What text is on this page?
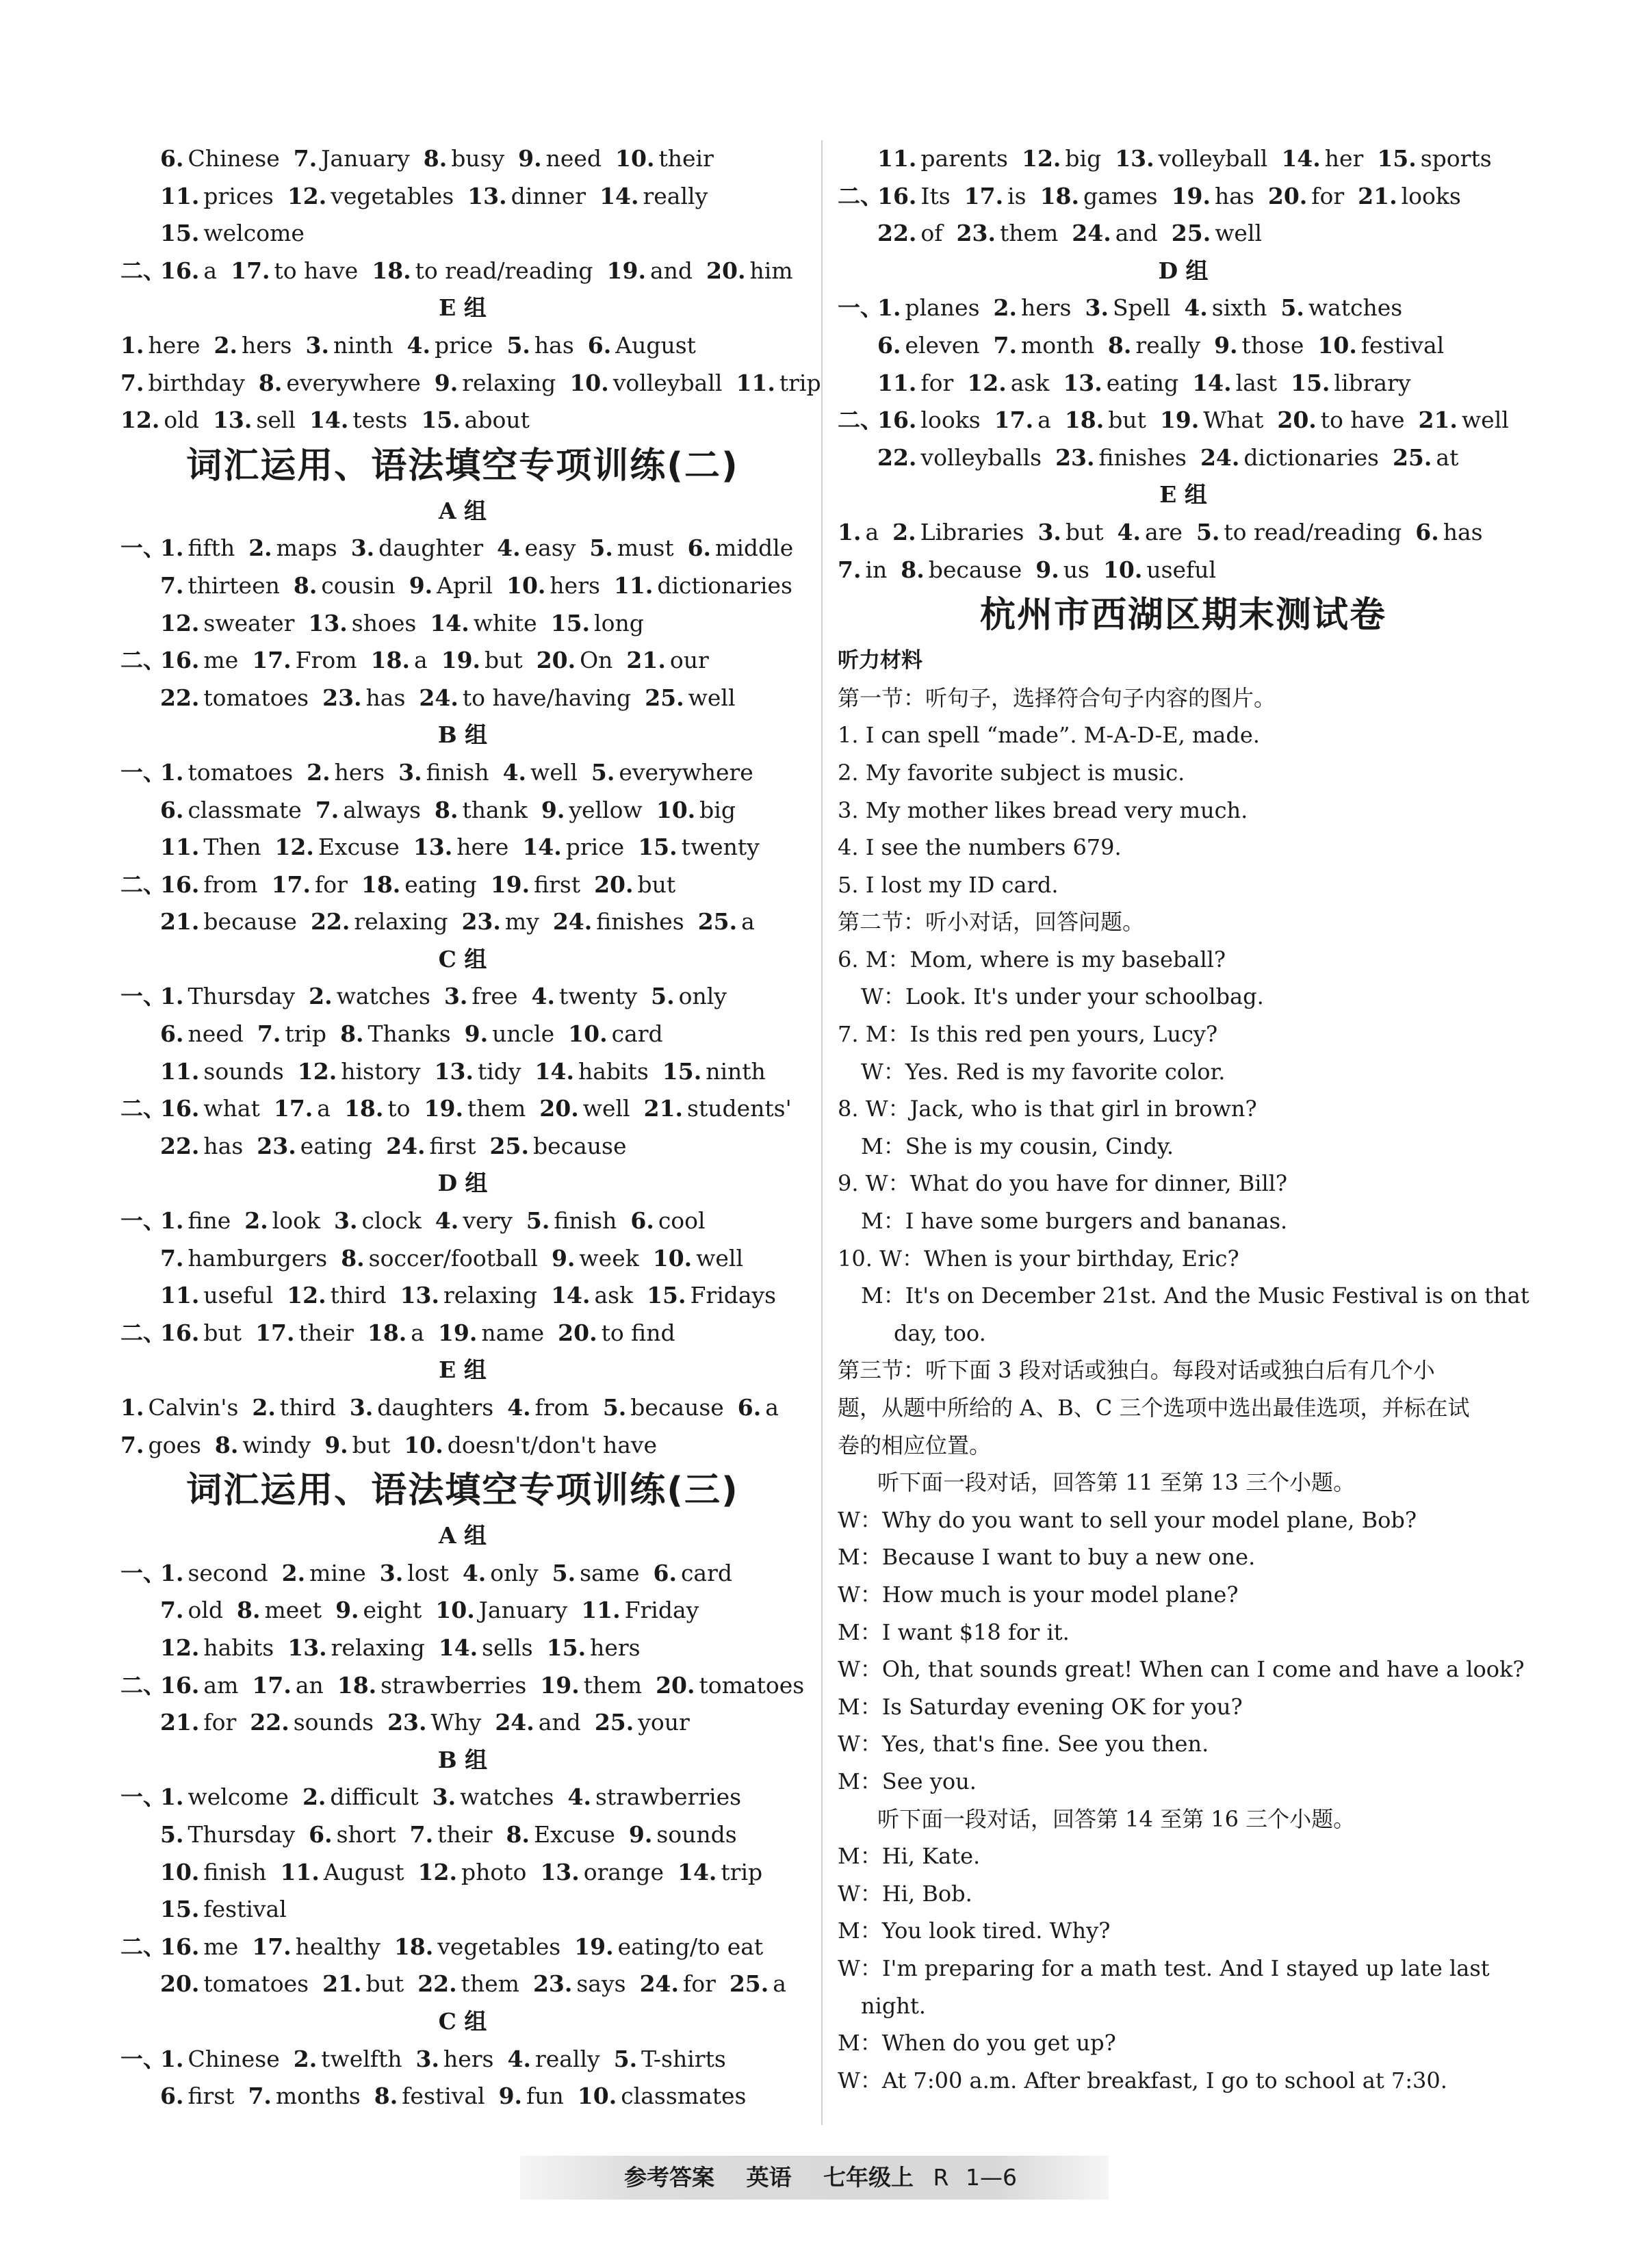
6. Chinese 7. January 8. busy 9. need 10. their
11. prices 12. vegetables 13. dinner 14. really
15. welcome
二、16. a 17. to have 18. to read/reading 19. and 20. him
E 组
1. here 2. hers 3. ninth 4. price 5. has 6. August
7. birthday 8. everywhere 9. relaxing 10. volleyball 11. trip
12. old 13. sell 14. tests 15. about
词汇运用、语法填空专项训练(二)
A 组
一、1. fifth 2. maps 3. daughter 4. easy 5. must 6. middle
7. thirteen 8. cousin 9. April 10. hers 11. dictionaries
12. sweater 13. shoes 14. white 15. long
二、16. me 17. From 18. a 19. but 20. On 21. our
22. tomatoes 23. has 24. to have/having 25. well
B 组
一、1. tomatoes 2. hers 3. finish 4. well 5. everywhere
6. classmate 7. always 8. thank 9. yellow 10. big
11. Then 12. Excuse 13. here 14. price 15. twenty
二、16. from 17. for 18. eating 19. first 20. but
21. because 22. relaxing 23. my 24. finishes 25. a
C 组
一、1. Thursday 2. watches 3. free 4. twenty 5. only
6. need 7. trip 8. Thanks 9. uncle 10. card
11. sounds 12. history 13. tidy 14. habits 15. ninth
二、16. what 17. a 18. to 19. them 20. well 21. students'
22. has 23. eating 24. first 25. because
D 组
一、1. fine 2. look 3. clock 4. very 5. finish 6. cool
7. hamburgers 8. soccer/football 9. week 10. well
11. useful 12. third 13. relaxing 14. ask 15. Fridays
二、16. but 17. their 18. a 19. name 20. to find
E 组
1. Calvin's 2. third 3. daughters 4. from 5. because 6. a
7. goes 8. windy 9. but 10. doesn't/don't have
词汇运用、语法填空专项训练(三)
A 组
一、1. second 2. mine 3. lost 4. only 5. same 6. card
7. old 8. meet 9. eight 10. January 11. Friday
12. habits 13. relaxing 14. sells 15. hers
二、16. am 17. an 18. strawberries 19. them 20. tomatoes
21. for 22. sounds 23. Why 24. and 25. your
B 组
一、1. welcome 2. difficult 3. watches 4. strawberries
5. Thursday 6. short 7. their 8. Excuse 9. sounds
10. finish 11. August 12. photo 13. orange 14. trip
15. festival
二、16. me 17. healthy 18. vegetables 19. eating/to eat
20. tomatoes 21. but 22. them 23. says 24. for 25. a
C 组
一、1. Chinese 2. twelfth 3. hers 4. really 5. T-shirts
6. first 7. months 8. festival 9. fun 10. classmates
11. parents 12. big 13. volleyball 14. her 15. sports
二、16. Its 17. is 18. games 19. has 20. for 21. looks
22. of 23. them 24. and 25. well
D 组
一、1. planes 2. hers 3. Spell 4. sixth 5. watches
6. eleven 7. month 8. really 9. those 10. festival
11. for 12. ask 13. eating 14. last 15. library
二、16. looks 17. a 18. but 19. What 20. to have 21. well
22. volleyballs 23. finishes 24. dictionaries 25. at
E 组
1. a 2. Libraries 3. but 4. are 5. to read/reading 6. has
7. in 8. because 9. us 10. useful
杭州市西湖区期末测试卷
听力材料
第一节：听句子，选择符合句子内容的图片。
1. I can spell “made”. M-A-D-E, made.
2. My favorite subject is music.
3. My mother likes bread very much.
4. I see the numbers 679.
5. I lost my ID card.
第二节：听小对话，回答问题。
6. M：Mom, where is my baseball?
W：Look. It's under your schoolbag.
7. M：Is this red pen yours, Lucy?
W：Yes. Red is my favorite color.
8. W：Jack, who is that girl in brown?
M：She is my cousin, Cindy.
9. W：What do you have for dinner, Bill?
M：I have some burgers and bananas.
10. W：When is your birthday, Eric?
M：It's on December 21st. And the Music Festival is on that
day, too.
第三节：听下面 3 段对话或独白。每段对话或独白后有几个小
题，从题中所给的 A、B、C 三个选项中选出最佳选项，并标在试
卷的相应位置。
听下面一段对话，回答第 11 至第 13 三个小题。
W：Why do you want to sell your model plane, Bob?
M：Because I want to buy a new one.
W：How much is your model plane?
M：I want $18 for it.
W：Oh, that sounds great! When can I come and have a look?
M：Is Saturday evening OK for you?
W：Yes, that's fine. See you then.
M：See you.
听下面一段对话，回答第 14 至第 16 三个小题。
M：Hi, Kate.
W：Hi, Bob.
M：You look tired. Why?
W：I'm preparing for a math test. And I stayed up late last
night.
M：When do you get up?
W：At 7:00 a.m. After breakfast, I go to school at 7:30.
参考答案 英语 七年级上 R 1—6
